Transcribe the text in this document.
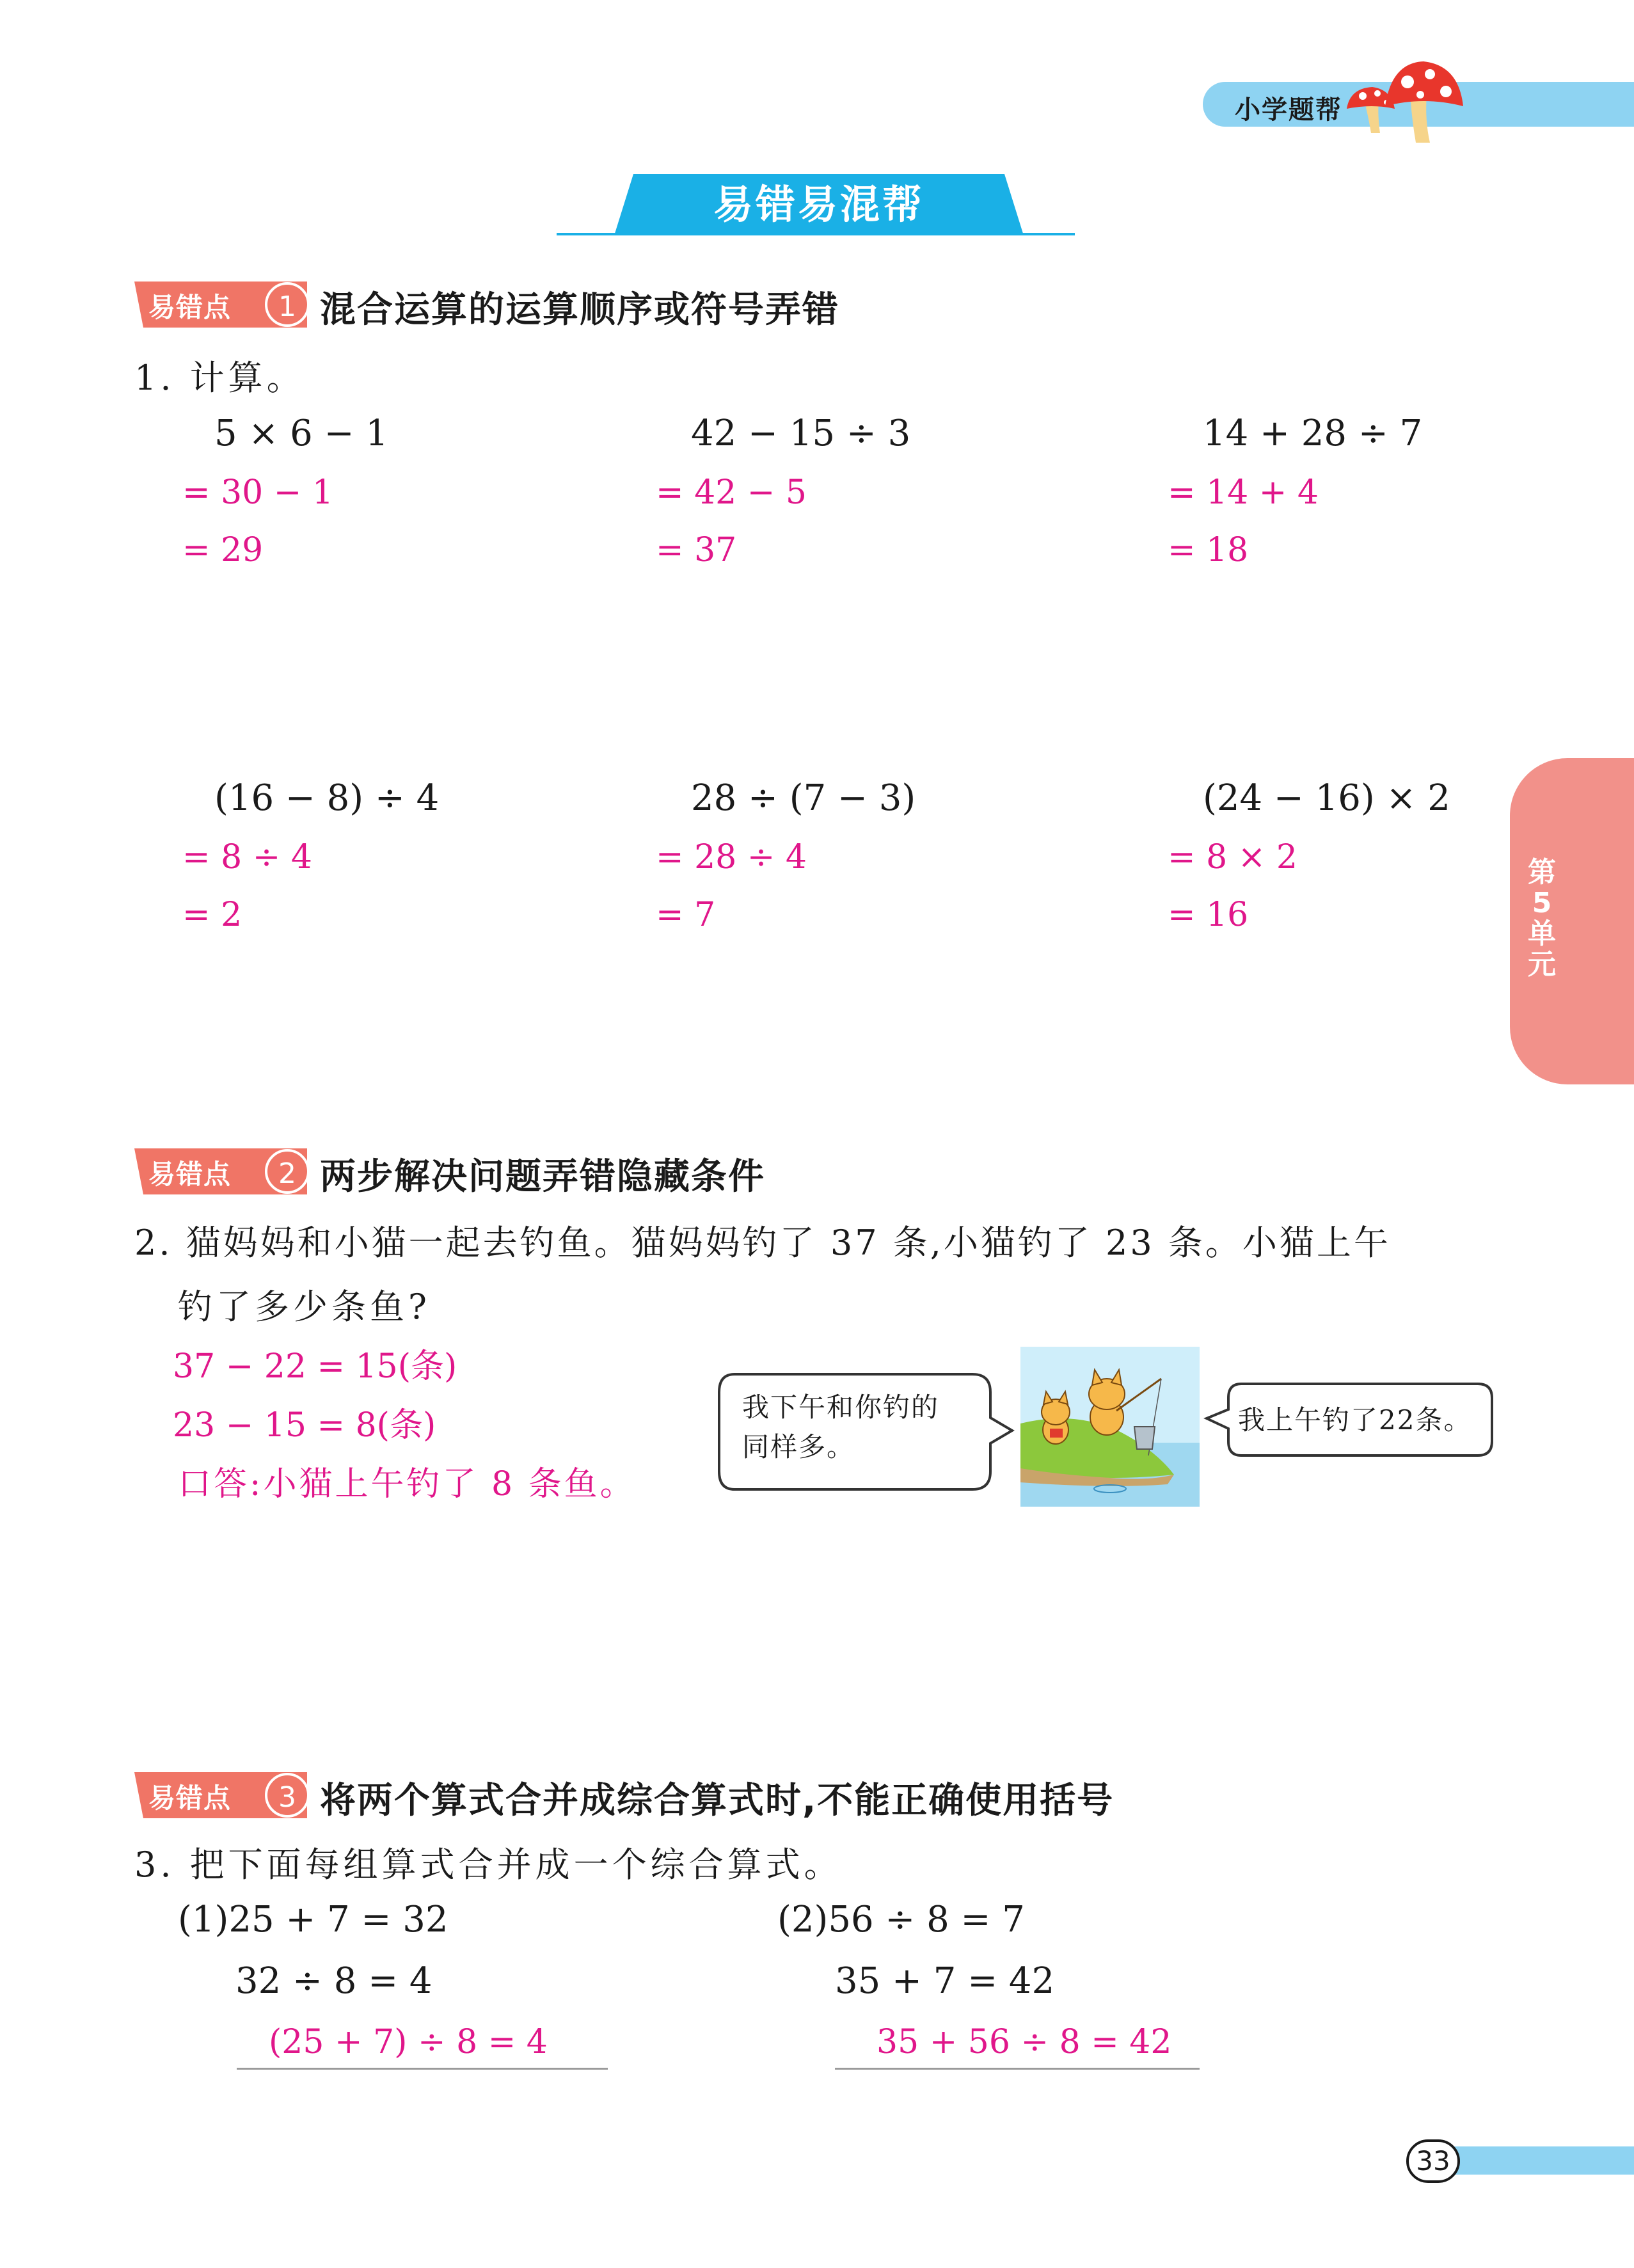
小学题帮
易错易混帮
第5单元
易错点	1 混合运算的运算顺序或符号弄错
1. 计算。
5 × 6 − 1
= 30 − 1
= 29
42 − 15 ÷ 3
= 42 − 5
= 37
14 + 28 ÷ 7
= 14 + 4
= 18
(16 − 8) ÷ 4
= 8 ÷ 4
= 2
28 ÷ (7 − 3)
= 28 ÷ 4
= 7
(24 − 16) × 2
= 8 × 2
= 16
易错点	2 两步解决问题弄错隐藏条件
2. 猫妈妈和小猫一起去钓鱼。猫妈妈钓了 37 条,小猫钓了 23 条。小猫上午
钓了多少条鱼?
37 − 22 = 15(条)
23 − 15 = 8(条)
口答:小猫上午钓了 8 条鱼。
我下午和你钓的
同样多。
我上午钓了22条。
易错点	3 将两个算式合并成综合算式时,不能正确使用括号
3. 把下面每组算式合并成一个综合算式。
(1)25 + 7 = 32
32 ÷ 8 = 4
(25 + 7) ÷ 8 = 4
(2)56 ÷ 8 = 7
35 + 7 = 42
35 + 56 ÷ 8 = 42
33
